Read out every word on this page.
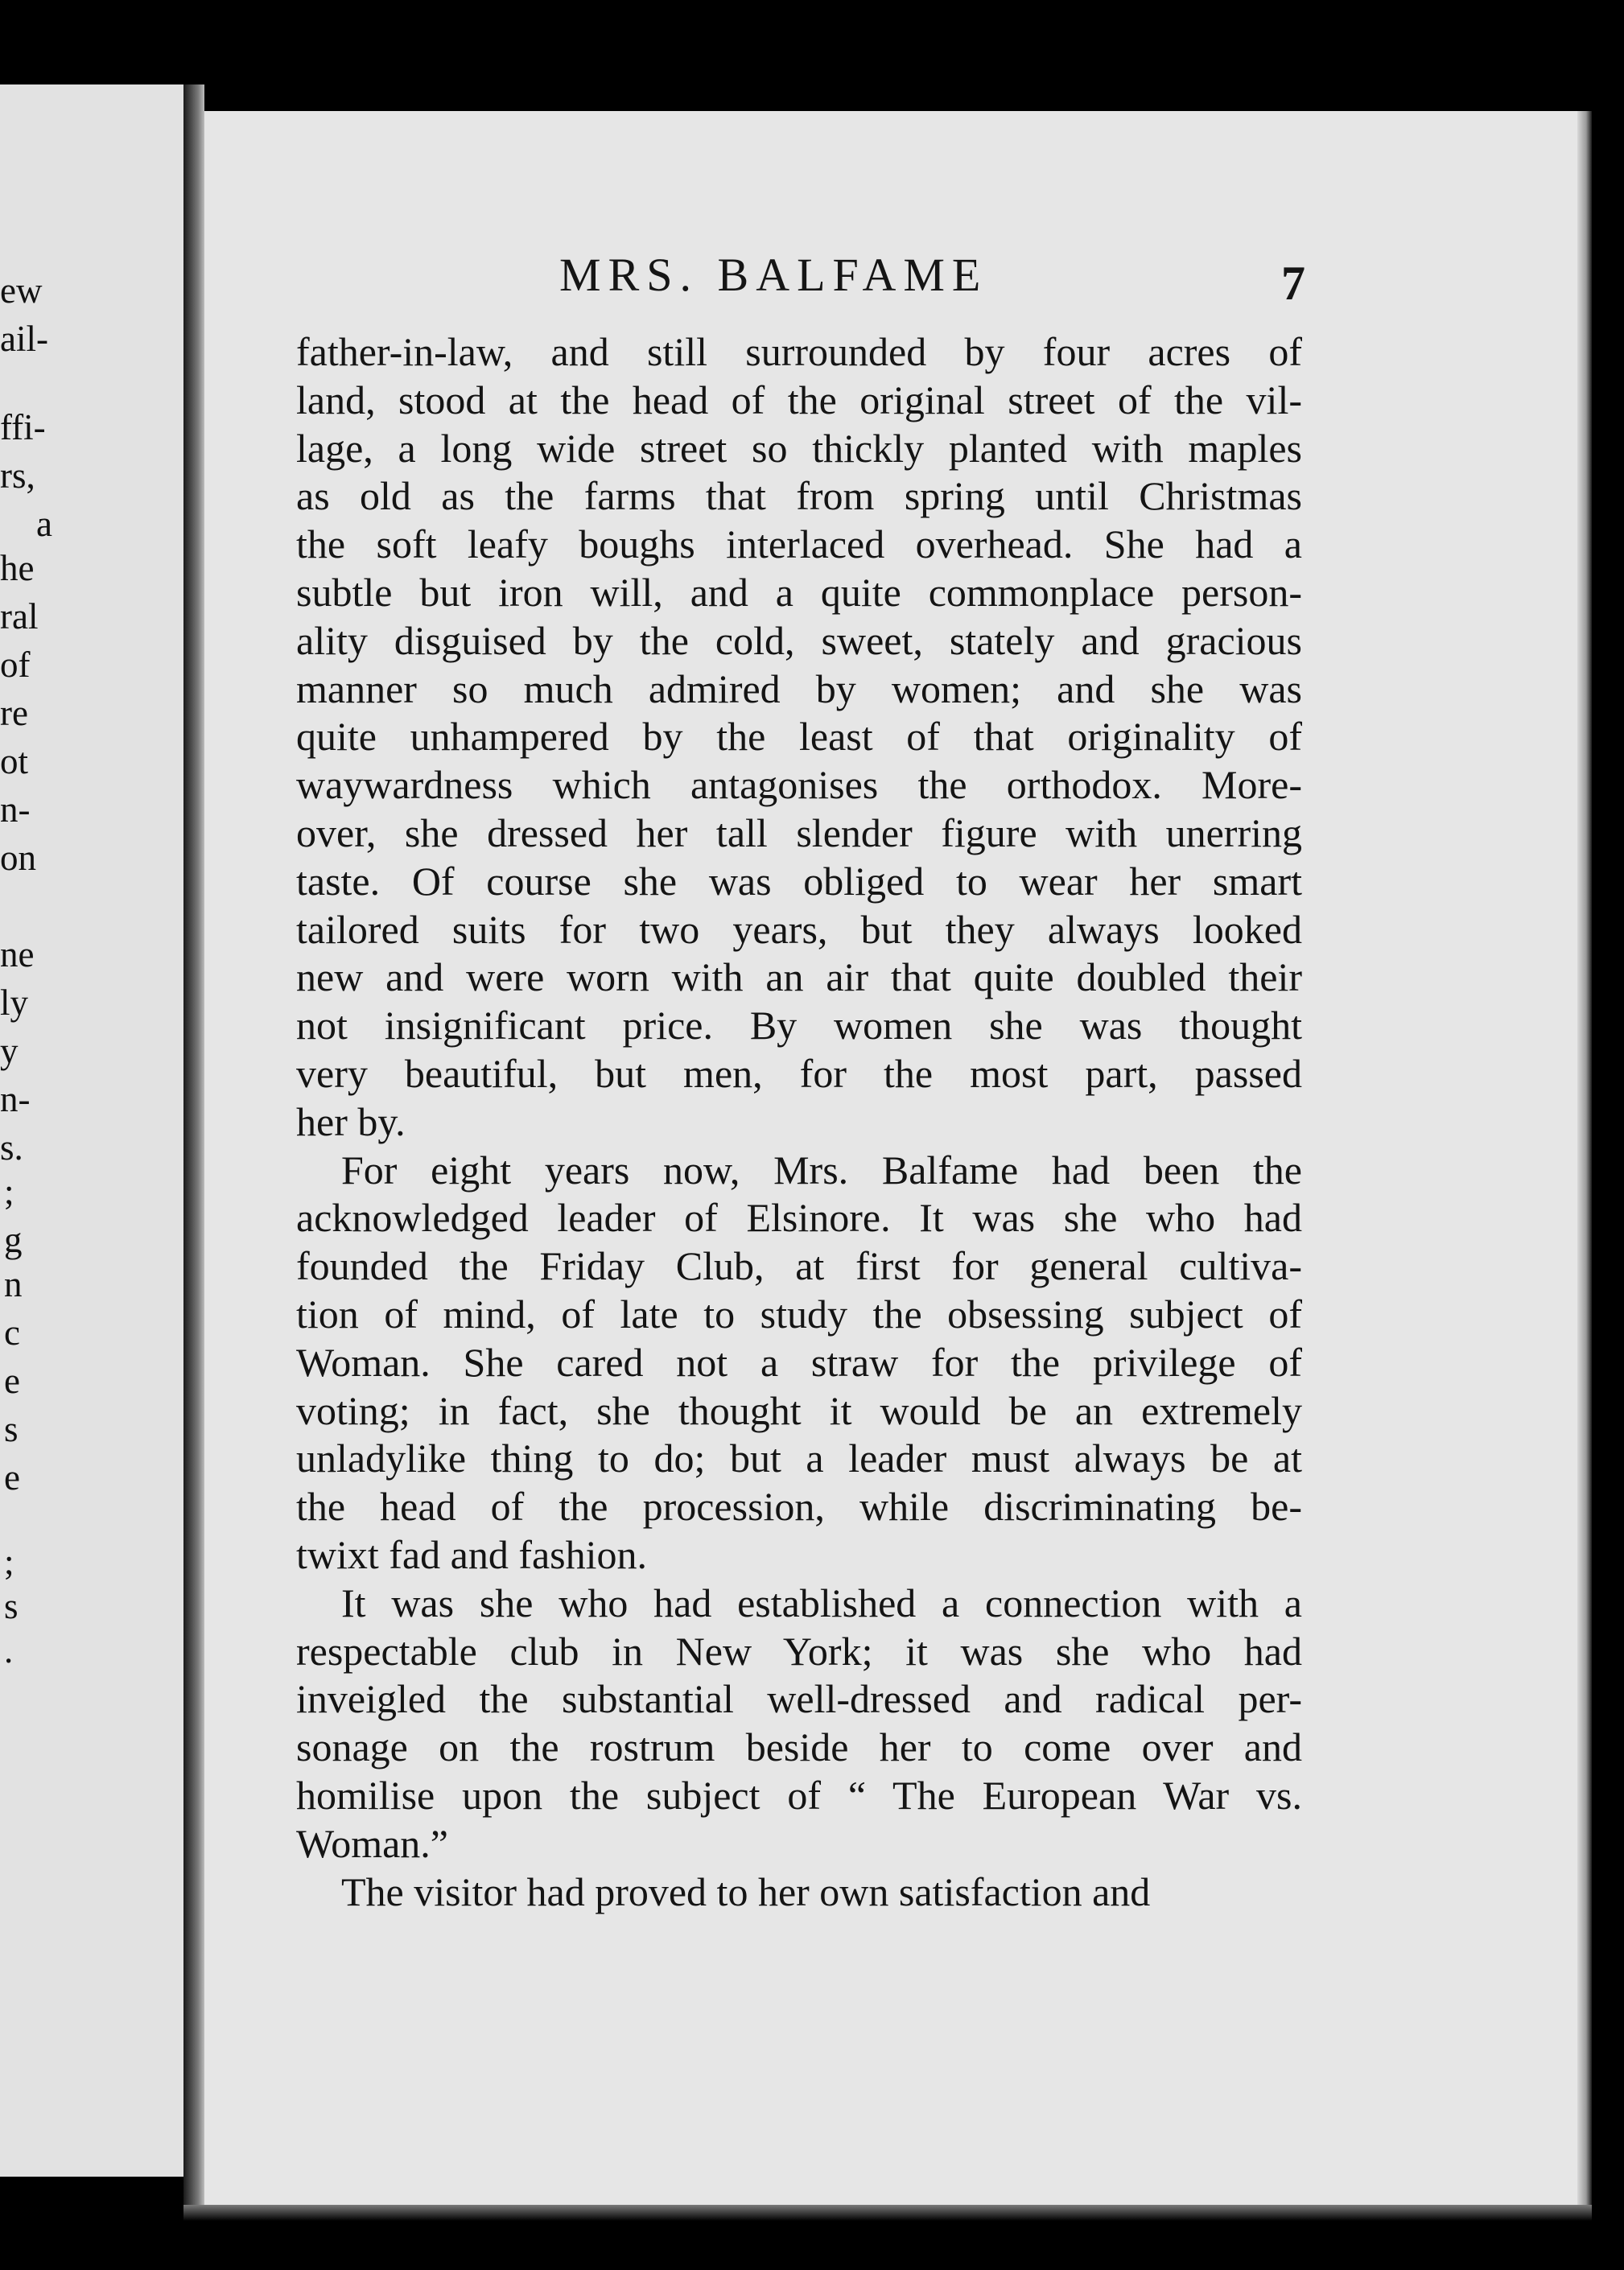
ew
ail-
ffi-
rs,
a
he
ral
of
re
ot
n-
on
ne
ly
y
n-
s.
;
g
n
c
e
s
e
;
s
.
MRS. BALFAME	7
father-in-law, and still surrounded by four acres of
land, stood at the head of the original street of the vil-
lage, a long wide street so thickly planted with maples
as old as the farms that from spring until Christmas
the soft leafy boughs interlaced overhead. She had a
subtle but iron will, and a quite commonplace person-
ality disguised by the cold, sweet, stately and gracious
manner so much admired by women; and she was
quite unhampered by the least of that originality of
waywardness which antagonises the orthodox. More-
over, she dressed her tall slender figure with unerring
taste. Of course she was obliged to wear her smart
tailored suits for two years, but they always looked
new and were worn with an air that quite doubled their
not insignificant price. By women she was thought
very beautiful, but men, for the most part, passed
her by.
For eight years now, Mrs. Balfame had been the
acknowledged leader of Elsinore. It was she who had
founded the Friday Club, at first for general cultiva-
tion of mind, of late to study the obsessing subject of
Woman. She cared not a straw for the privilege of
voting; in fact, she thought it would be an extremely
unladylike thing to do; but a leader must always be at
the head of the procession, while discriminating be-
twixt fad and fashion.
It was she who had established a connection with a
respectable club in New York; it was she who had
inveigled the substantial well-dressed and radical per-
sonage on the rostrum beside her to come over and
homilise upon the subject of “ The European War vs.
Woman.”
The visitor had proved to her own satisfaction and
